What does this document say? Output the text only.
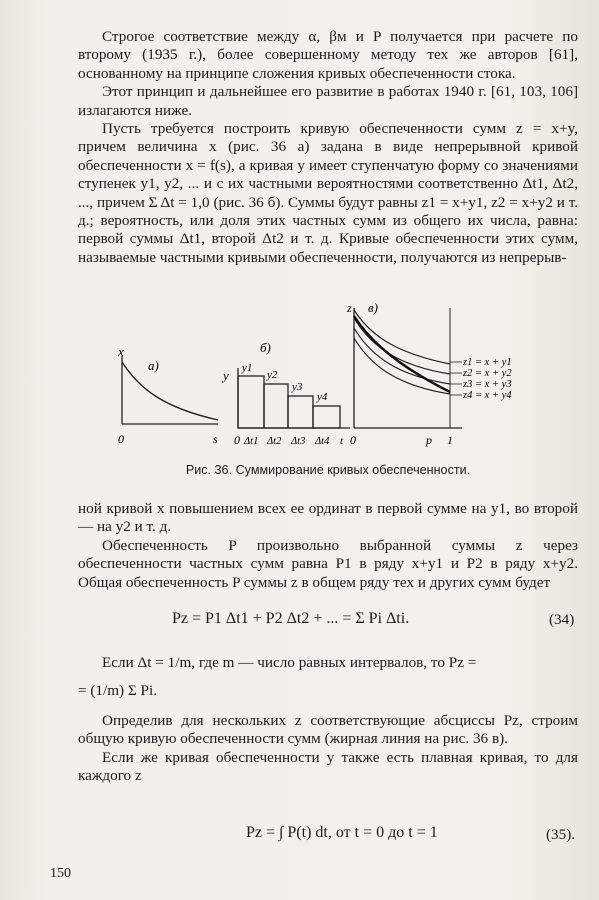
Строгое соответствие между α, βм и P получается при расчете по второму (1935 г.), более совершенному методу тех же авторов [61], основанному на принципе сложения кривых обеспеченности стока.

Этот принцип и дальнейшее его развитие в работах 1940 г. [61, 103, 106] излагаются ниже.

Пусть требуется построить кривую обеспеченности сумм z = x+y, причем величина x (рис. 36 а) задана в виде непрерывной кривой обеспеченности x = f(s), а кривая y имеет ступенчатую форму со значениями ступенек y1, y2, ... и с их частными вероятностями соответственно Δt1, Δt2, ..., причем Σ Δt = 1,0 (рис. 36 б). Суммы будут равны z1 = x+y1, z2 = x+y2 и т. д.; вероятность, или доля этих частных сумм из общего их числа, равна: первой суммы Δt1, второй Δt2 и т. д. Кривые обеспеченности этих сумм, называемые частными кривыми обеспеченности, получаются из непрерыв-

x
а)
0	s
y
б)
y1
y2
y3
y4
0 Δt1 Δt2 Δt3 Δt4 t
z в)
z1 = x + y1
z2 = x + y2
z3 = x + y3
z4 = x + y4
0	p 1
Рис. 36. Суммирование кривых обеспеченности.

ной кривой x повышением всех ее ординат в первой сумме на y1, во второй — на y2 и т. д.

Обеспеченность P произвольно выбранной суммы z через обеспеченности частных сумм равна P1 в ряду x+y1 и P2 в ряду x+y2. Общая обеспеченность P суммы z в общем ряду тех и других сумм будет

Pz = P1 Δt1 + P2 Δt2 + ... = Σ Pi Δti.	(34)
Если Δt = 1/m, где m — число равных интервалов, то Pz =
= (1/m) Σ Pi.

Определив для нескольких z соответствующие абсциссы Pz, строим общую кривую обеспеченности сумм (жирная линия на рис. 36 в).

Если же кривая обеспеченности y также есть плавная кривая, то для каждого z

Pz = ∫ P(t) dt, от t = 0 до t = 1	(35).
150
